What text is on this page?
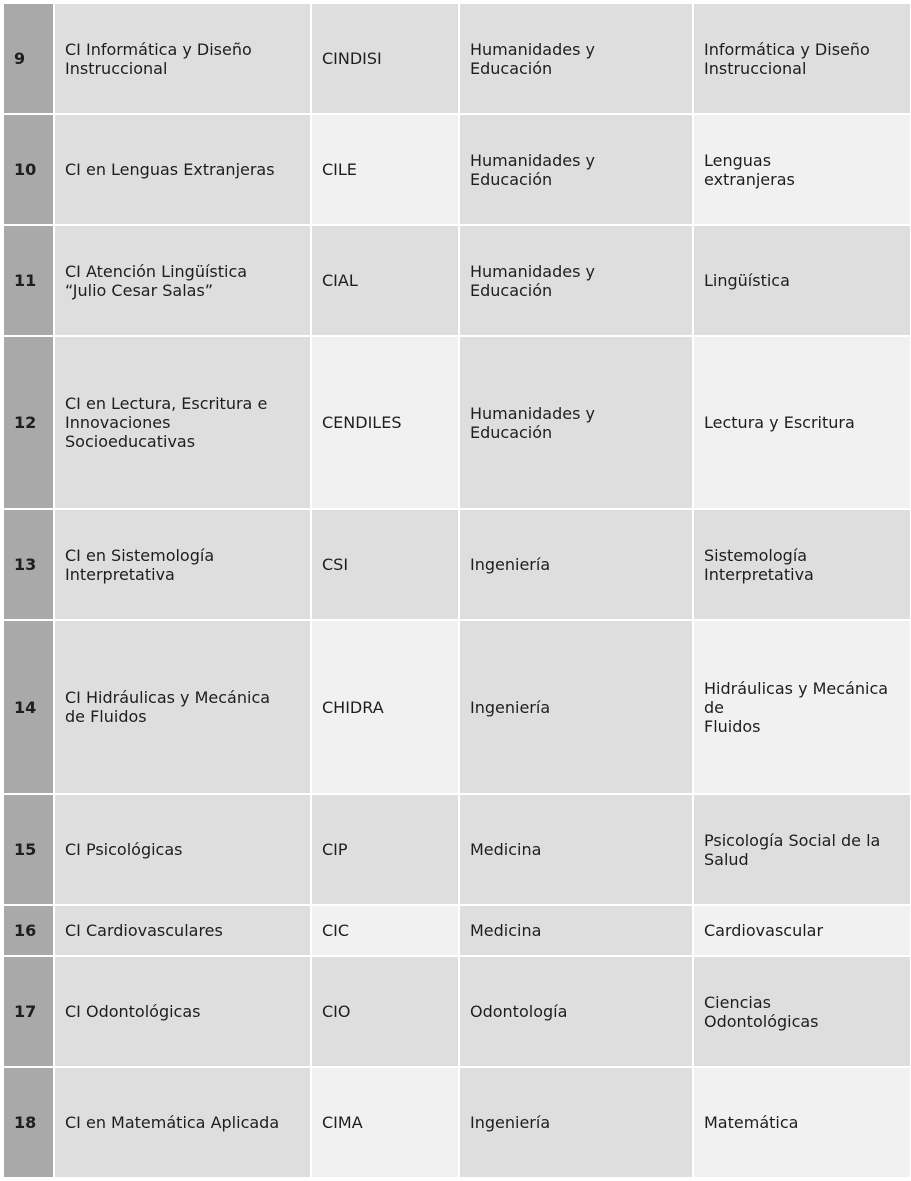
9	CI Informática y Diseño
Instruccional	CINDISI	Humanidades y
Educación	Informática y Diseño
Instruccional
10	CI en Lenguas Extranjeras	CILE	Humanidades y
Educación	Lenguas
extranjeras
11	CI Atención Lingüística
“Julio Cesar Salas”	CIAL	Humanidades y
Educación	Lingüística
12	CI en Lectura, Escritura e
Innovaciones
Socioeducativas	CENDILES	Humanidades y
Educación	Lectura y Escritura
13	CI en Sistemología
Interpretativa	CSI	Ingeniería	Sistemología
Interpretativa
14	CI Hidráulicas y Mecánica
de Fluidos	CHIDRA	Ingeniería	Hidráulicas y Mecánica
de
Fluidos
15	CI Psicológicas	CIP	Medicina	Psicología Social de la
Salud
16	CI Cardiovasculares	CIC	Medicina	Cardiovascular
17	CI Odontológicas	CIO	Odontología	Ciencias
Odontológicas
18	CI en Matemática Aplicada	CIMA	Ingeniería	Matemática
